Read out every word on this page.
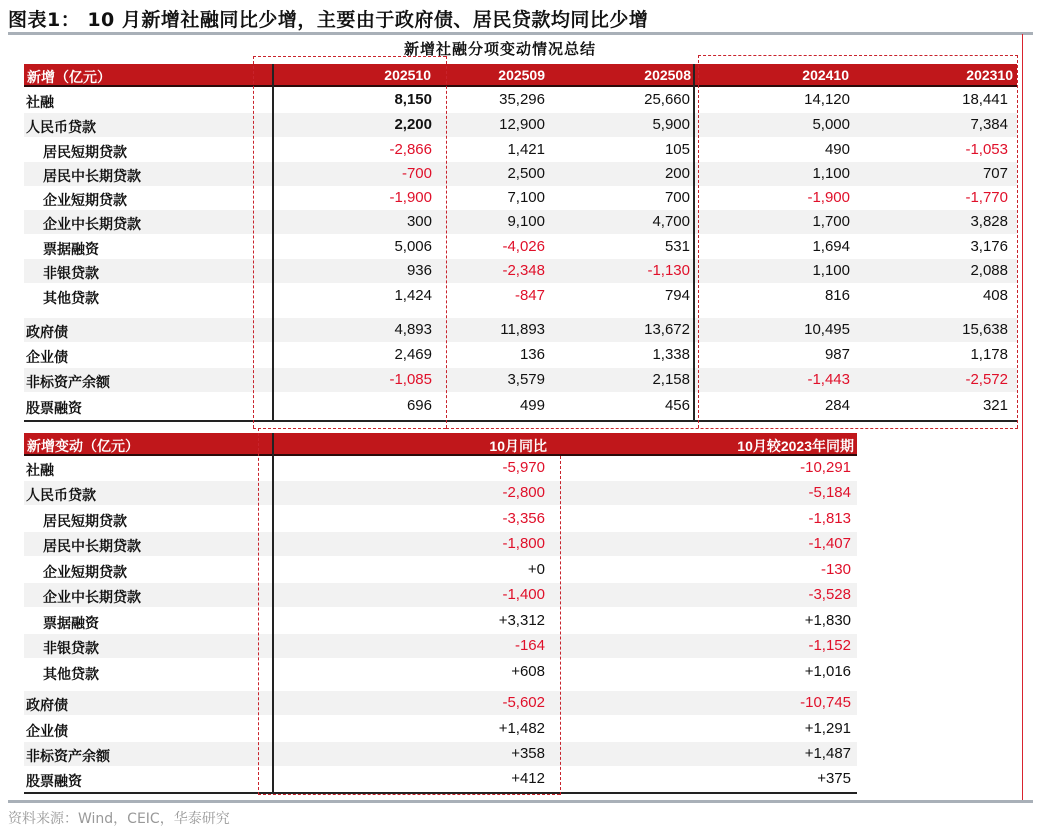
图表1： 10 月新增社融同比少增，主要由于政府债、居民贷款均同比少增
新增社融分项变动情况总结
新增（亿元）	202510	202509	202508	202410	202310
社融	8,150	35,296	25,660	14,120	18,441
人民币贷款	2,200	12,900	5,900	5,000	7,384
居民短期贷款	-2,866	1,421	105	490	-1,053
居民中长期贷款	-700	2,500	200	1,100	707
企业短期贷款	-1,900	7,100	700	-1,900	-1,770
企业中长期贷款	300	9,100	4,700	1,700	3,828
票据融资	5,006	-4,026	531	1,694	3,176
非银贷款	936	-2,348	-1,130	1,100	2,088
其他贷款	1,424	-847	794	816	408
政府债	4,893	11,893	13,672	10,495	15,638
企业债	2,469	136	1,338	987	1,178
非标资产余额	-1,085	3,579	2,158	-1,443	-2,572
股票融资	696	499	456	284	321
新增变动（亿元）	10月同比	10月较2023年同期
社融	-5,970	-10,291
人民币贷款	-2,800	-5,184
居民短期贷款	-3,356	-1,813
居民中长期贷款	-1,800	-1,407
企业短期贷款	+0	-130
企业中长期贷款	-1,400	-3,528
票据融资	+3,312	+1,830
非银贷款	-164	-1,152
其他贷款	+608	+1,016
政府债	-5,602	-10,745
企业债	+1,482	+1,291
非标资产余额	+358	+1,487
股票融资	+412	+375
资料来源：Wind，CEIC，华泰研究
